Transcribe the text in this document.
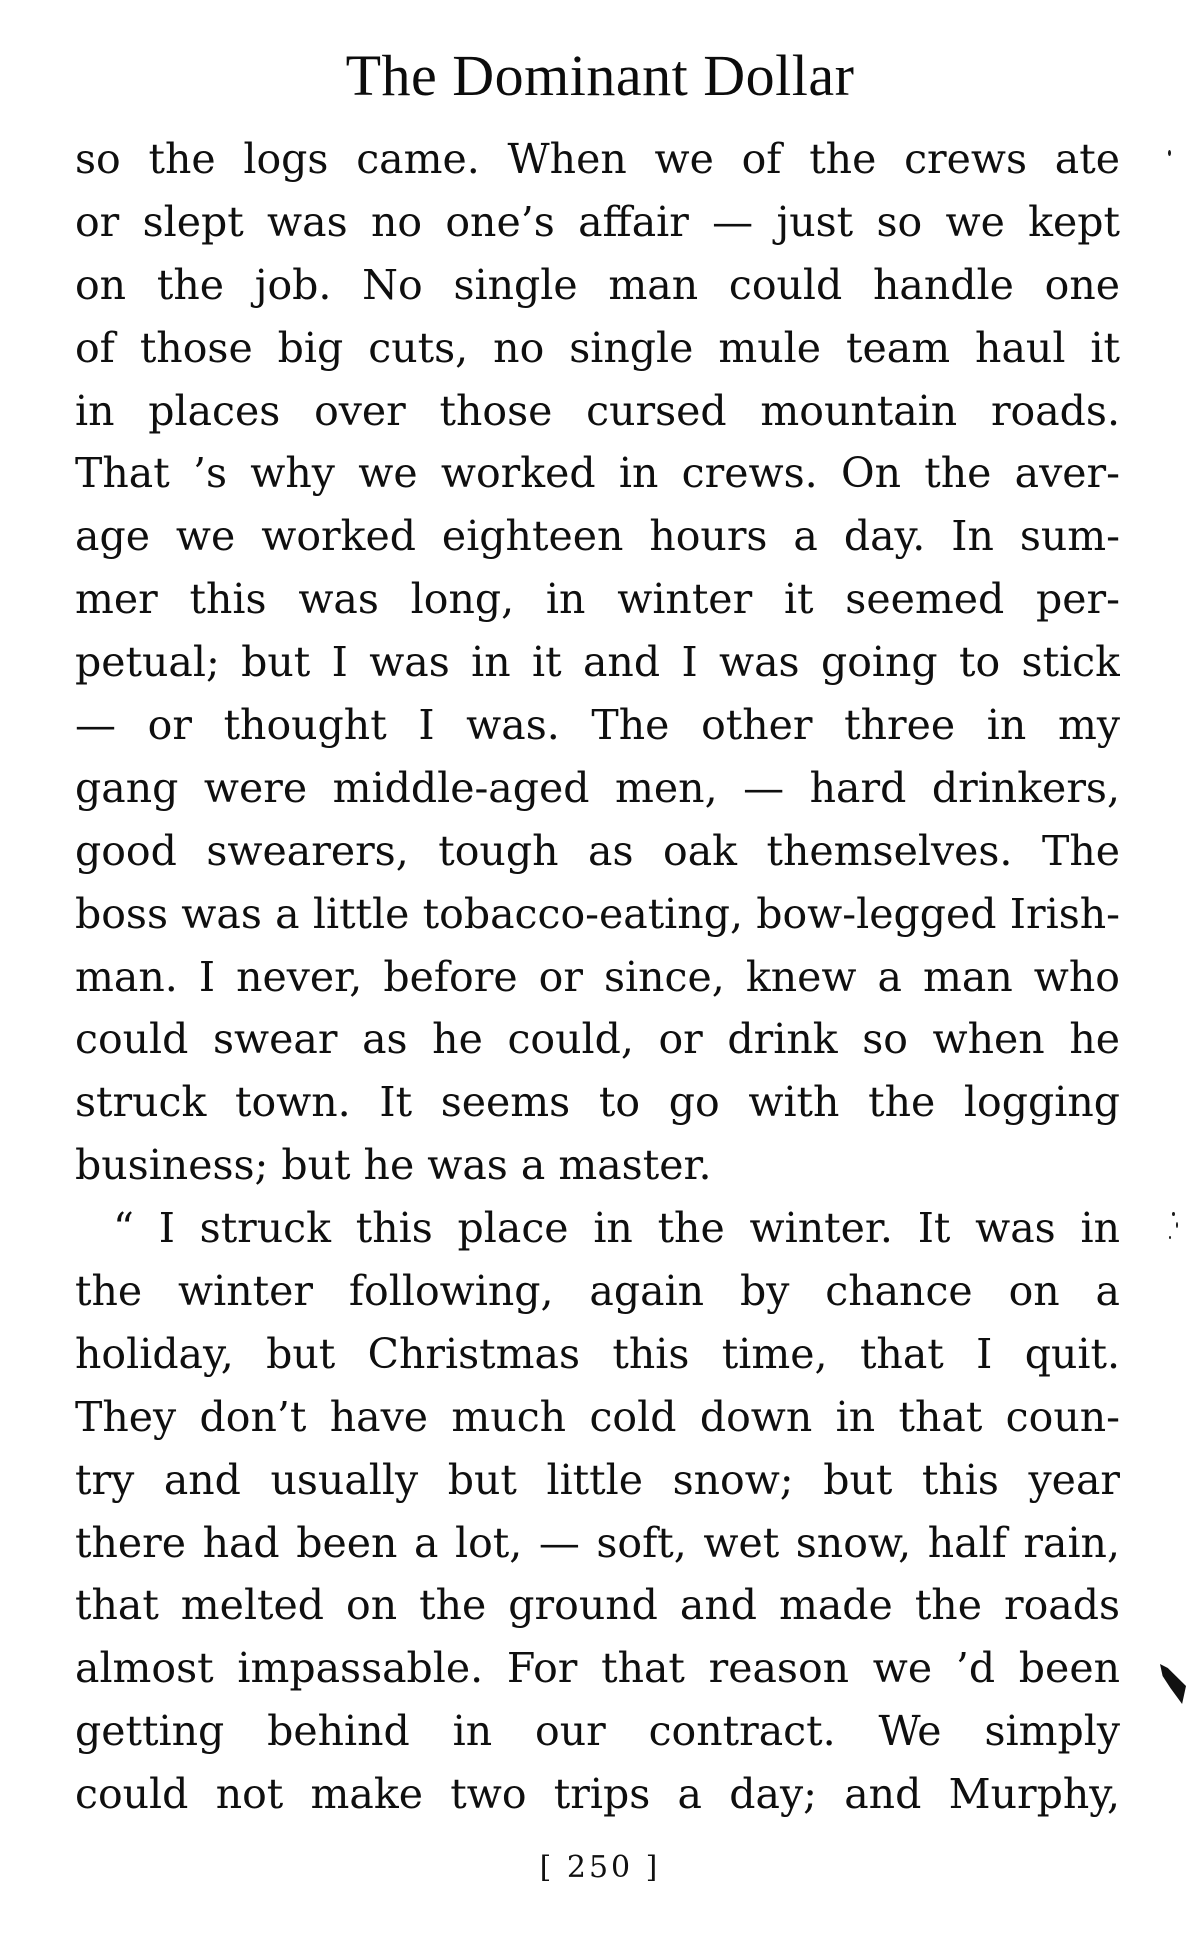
The Dominant Dollar
so the logs came. When we of the crews ate
or slept was no one’s affair — just so we kept
on the job. No single man could handle one
of those big cuts, no single mule team haul it
in places over those cursed mountain roads.
That ’s why we worked in crews. On the aver-
age we worked eighteen hours a day. In sum-
mer this was long, in winter it seemed per-
petual; but I was in it and I was going to stick
— or thought I was. The other three in my
gang were middle-aged men, — hard drinkers,
good swearers, tough as oak themselves. The
boss was a little tobacco-eating, bow-legged Irish-
man. I never, before or since, knew a man who
could swear as he could, or drink so when he
struck town. It seems to go with the logging
business; but he was a master.
“ I struck this place in the winter. It was in
the winter following, again by chance on a
holiday, but Christmas this time, that I quit.
They don’t have much cold down in that coun-
try and usually but little snow; but this year
there had been a lot, — soft, wet snow, half rain,
that melted on the ground and made the roads
almost impassable. For that reason we ’d been
getting behind in our contract. We simply
could not make two trips a day; and Murphy,
[ 250 ]
